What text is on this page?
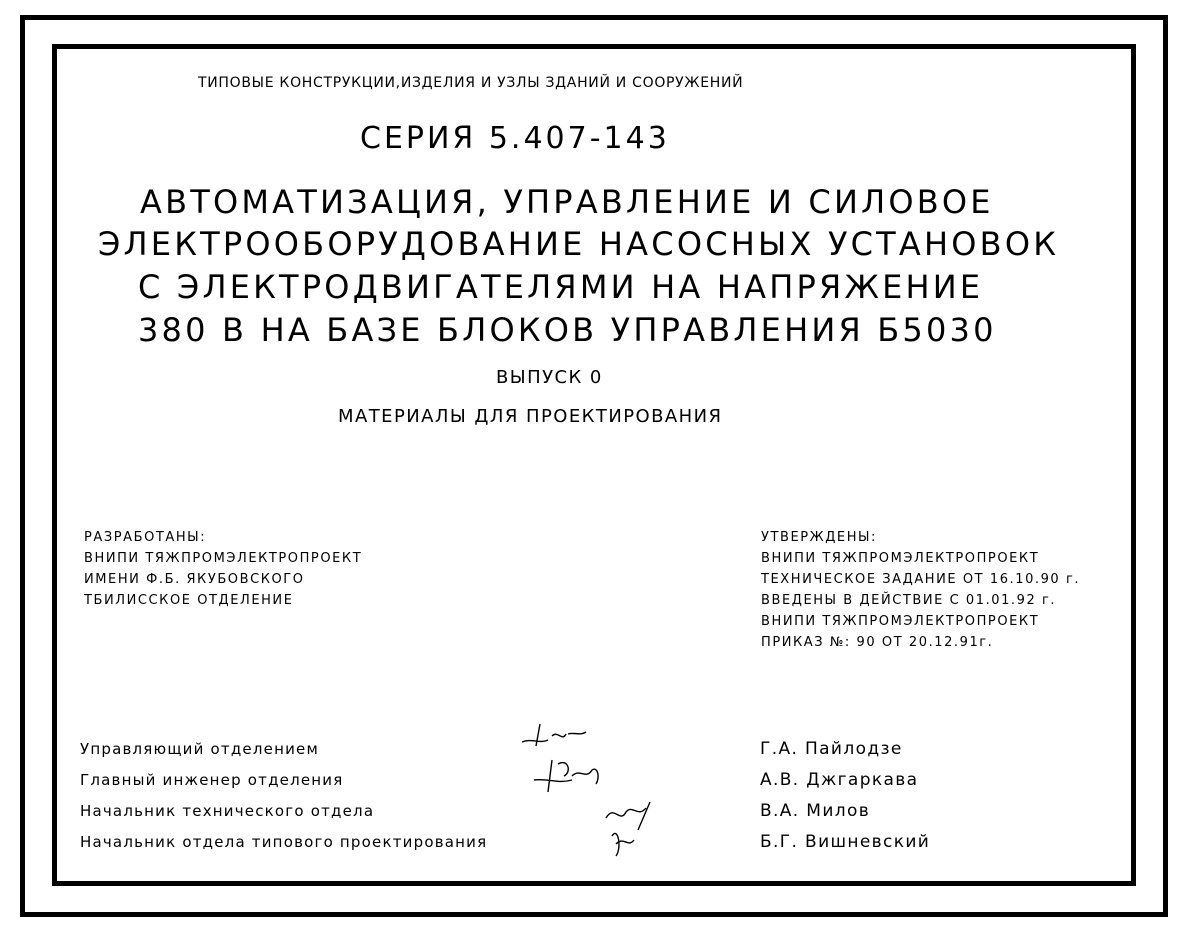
ТИПОВЫЕ КОНСТРУКЦИИ,ИЗДЕЛИЯ И УЗЛЫ ЗДАНИЙ И СООРУЖЕНИЙ
СЕРИЯ 5.407-143
АВТОМАТИЗАЦИЯ, УПРАВЛЕНИЕ И СИЛОВОЕ
ЭЛЕКТРООБОРУДОВАНИЕ НАСОСНЫХ УСТАНОВОК
С ЭЛЕКТРОДВИГАТЕЛЯМИ НА НАПРЯЖЕНИЕ
380 В НА БАЗЕ БЛОКОВ УПРАВЛЕНИЯ Б5030
ВЫПУСК 0
МАТЕРИАЛЫ ДЛЯ ПРОЕКТИРОВАНИЯ
РАЗРАБОТАНЫ:
ВНИПИ ТЯЖПРОМЭЛЕКТРОПРОЕКТ
ИМЕНИ Ф.Б. ЯКУБОВСКОГО
ТБИЛИССКОЕ ОТДЕЛЕНИЕ
УТВЕРЖДЕНЫ:
ВНИПИ ТЯЖПРОМЭЛЕКТРОПРОЕКТ
ТЕХНИЧЕСКОЕ ЗАДАНИЕ ОТ 16.10.90 г.
ВВЕДЕНЫ В ДЕЙСТВИЕ С 01.01.92 г.
ВНИПИ ТЯЖПРОМЭЛЕКТРОПРОЕКТ
ПРИКАЗ №: 90 ОТ 20.12.91г.
Управляющий отделением
Главный инженер отделения
Начальник технического отдела
Начальник отдела типового проектирования
Г.А. Пайлодзе
А.В. Джгаркава
В.А. Милов
Б.Г. Вишневский
